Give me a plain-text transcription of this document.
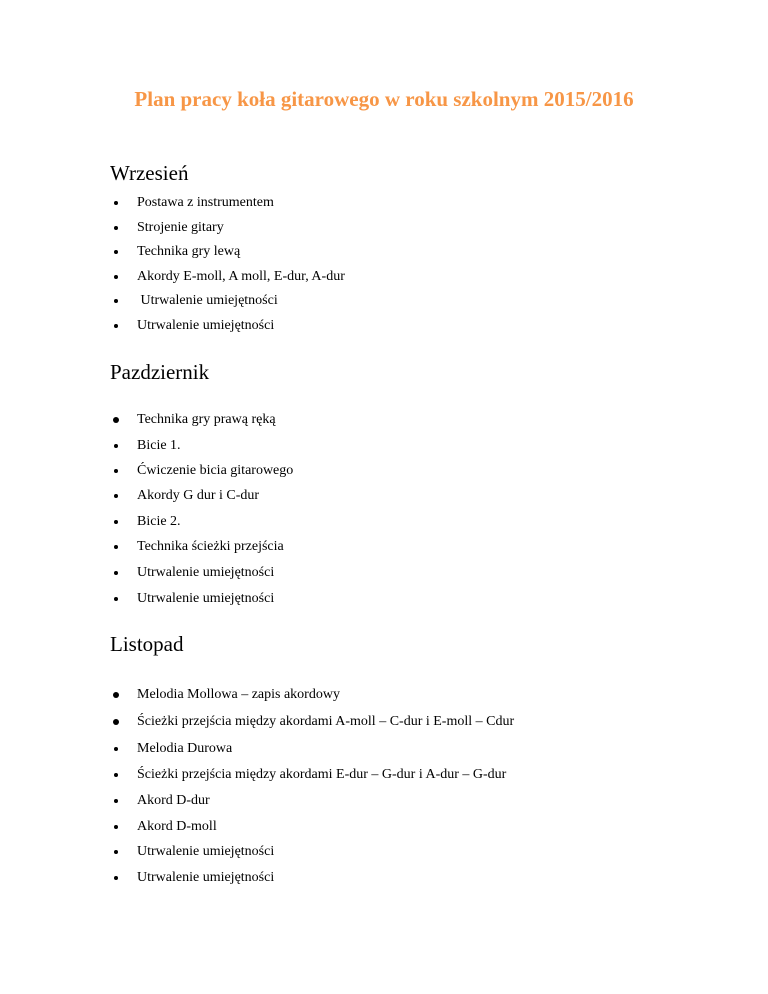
Plan pracy koła gitarowego w roku szkolnym 2015/2016
Wrzesień
Postawa z instrumentem
Strojenie gitary
Technika gry lewą
Akordy E-moll, A moll, E-dur, A-dur
Utrwalenie umiejętności
Utrwalenie umiejętności
Pazdziernik
Technika gry prawą ręką
Bicie 1.
Ćwiczenie bicia gitarowego
Akordy G dur i C-dur
Bicie 2.
Technika ścieżki przejścia
Utrwalenie umiejętności
Utrwalenie umiejętności
Listopad
Melodia Mollowa – zapis akordowy
Ścieżki przejścia między akordami A-moll – C-dur i E-moll – Cdur
Melodia Durowa
Ścieżki przejścia między akordami E-dur – G-dur i A-dur – G-dur
Akord D-dur
Akord D-moll
Utrwalenie umiejętności
Utrwalenie umiejętności
